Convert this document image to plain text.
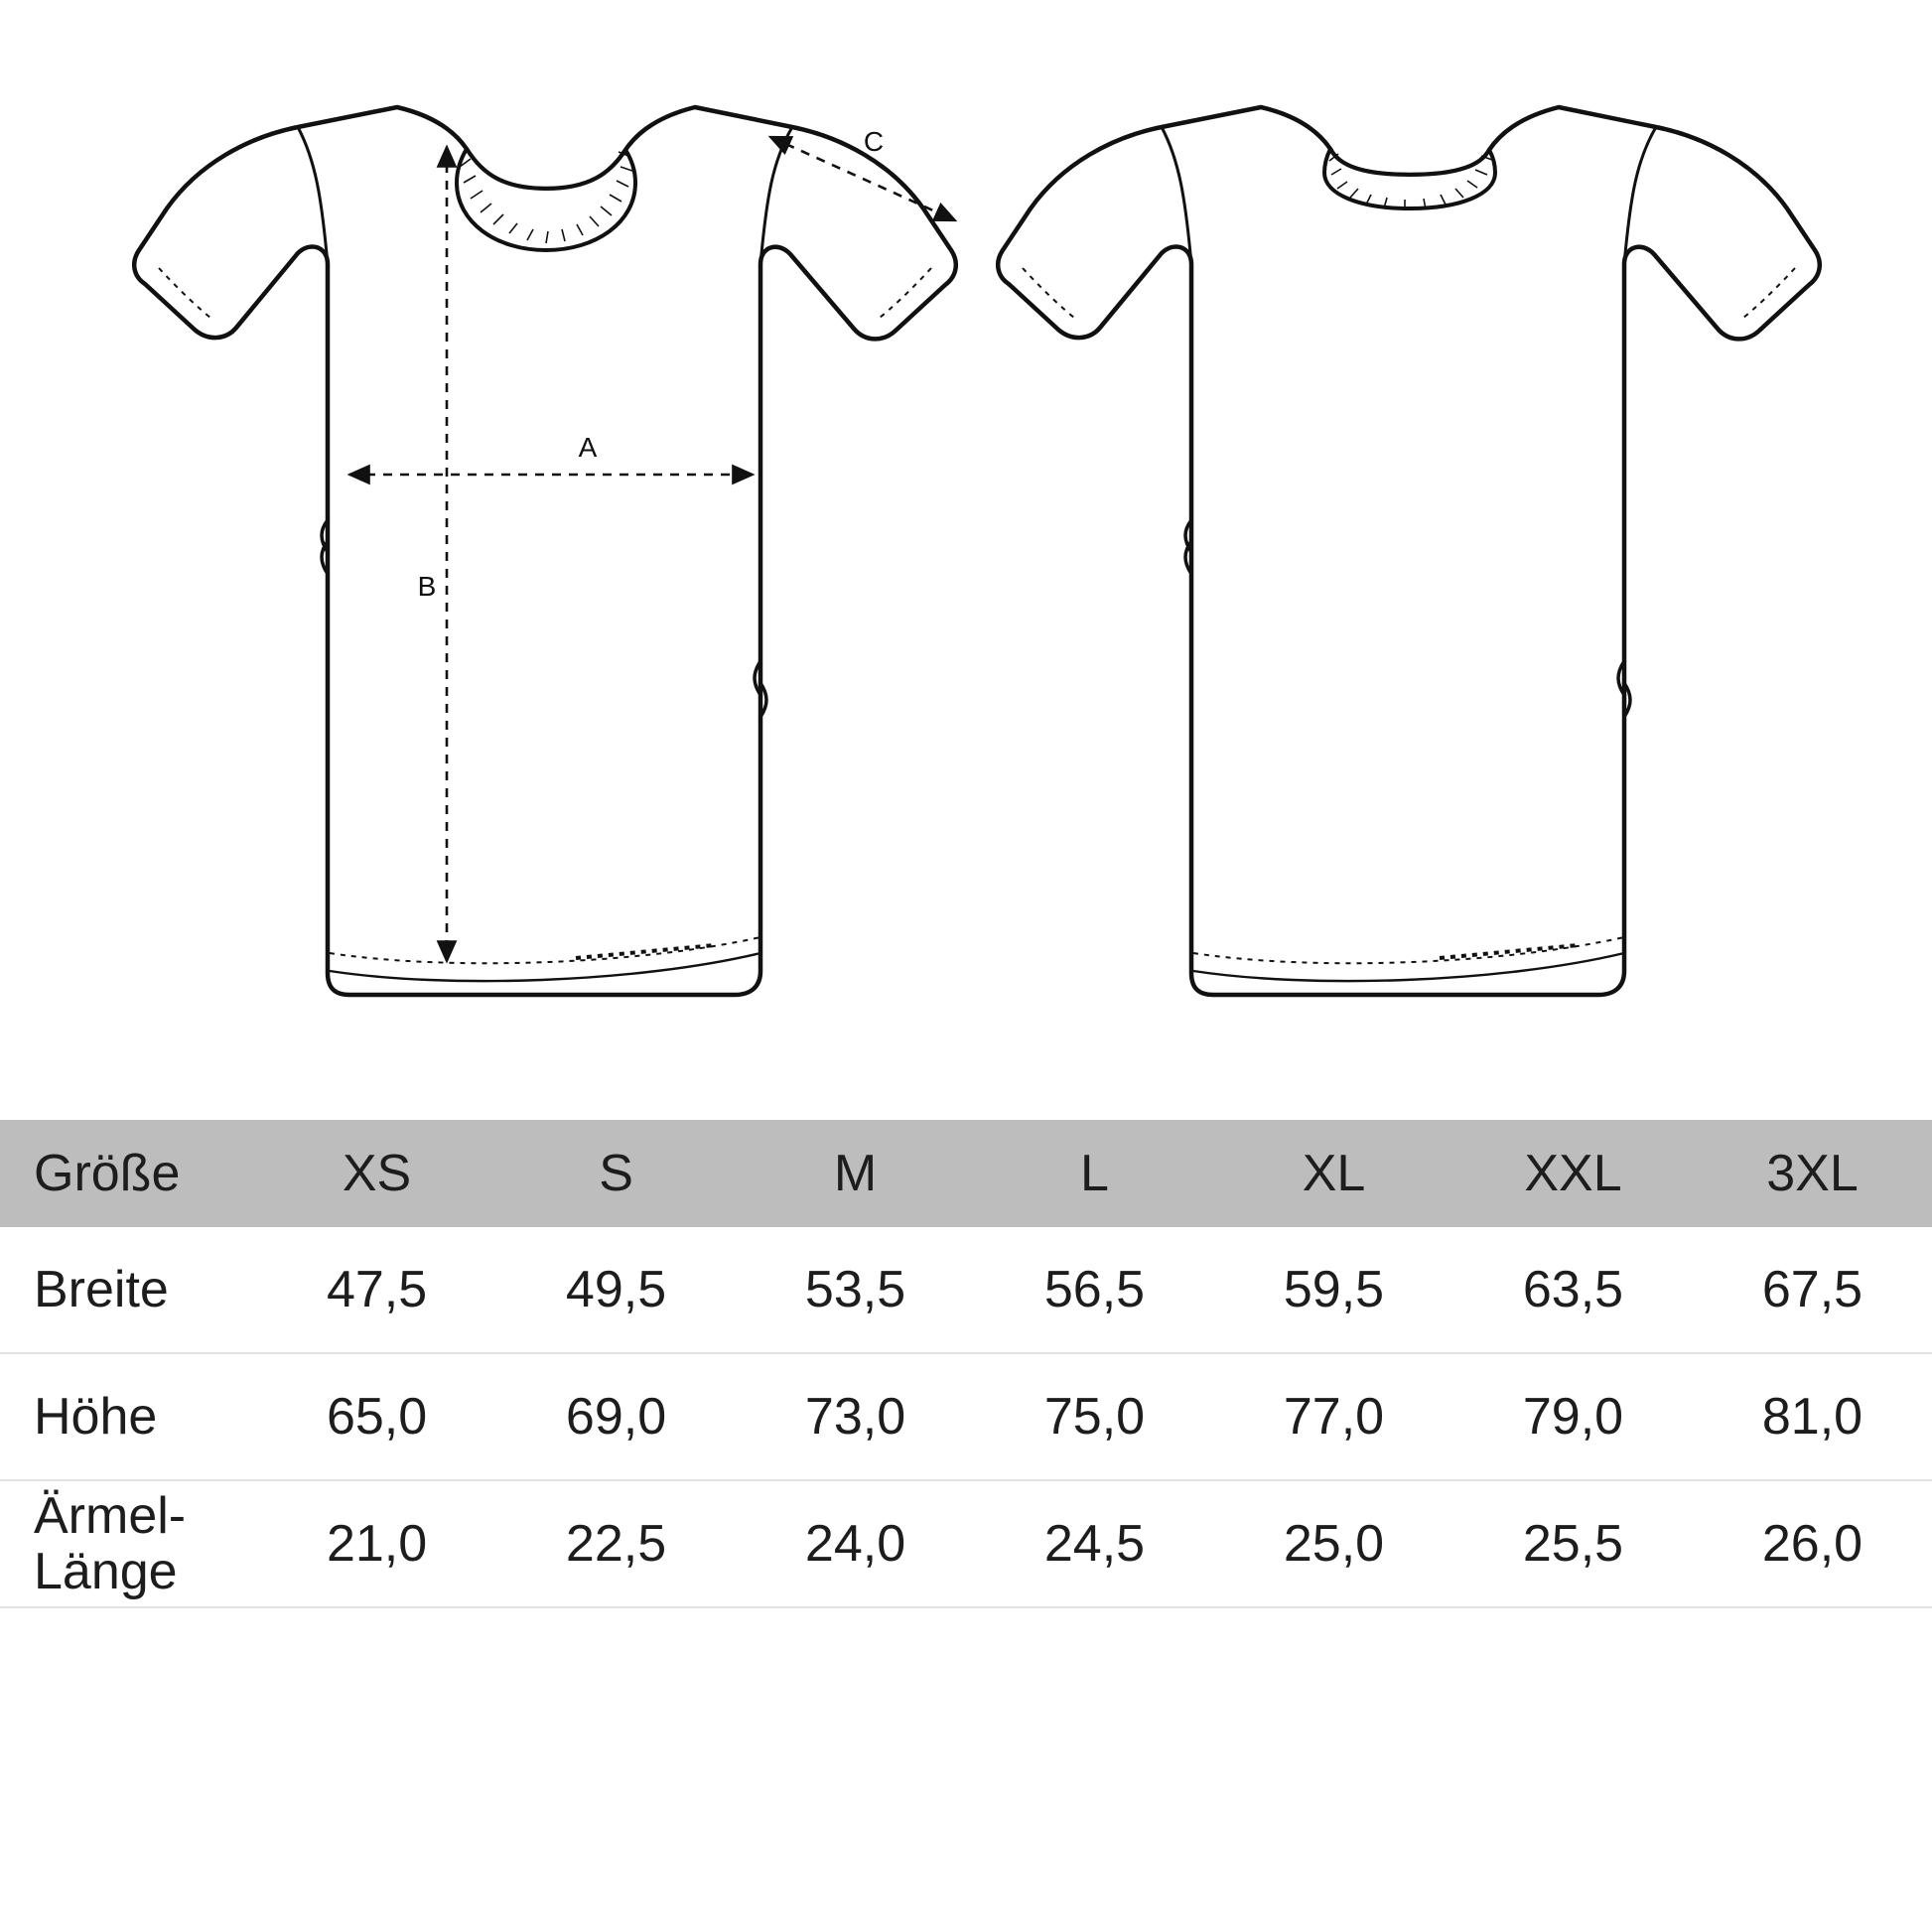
A
B
C
Größe	XS	S	M	L	XL	XXL	3XL
Breite	47,5	49,5	53,5	56,5	59,5	63,5	67,5
Höhe	65,0	69,0	73,0	75,0	77,0	79,0	81,0

Ärmel-
Länge	21,0	22,5	24,0	24,5	25,0	25,5	26,0
